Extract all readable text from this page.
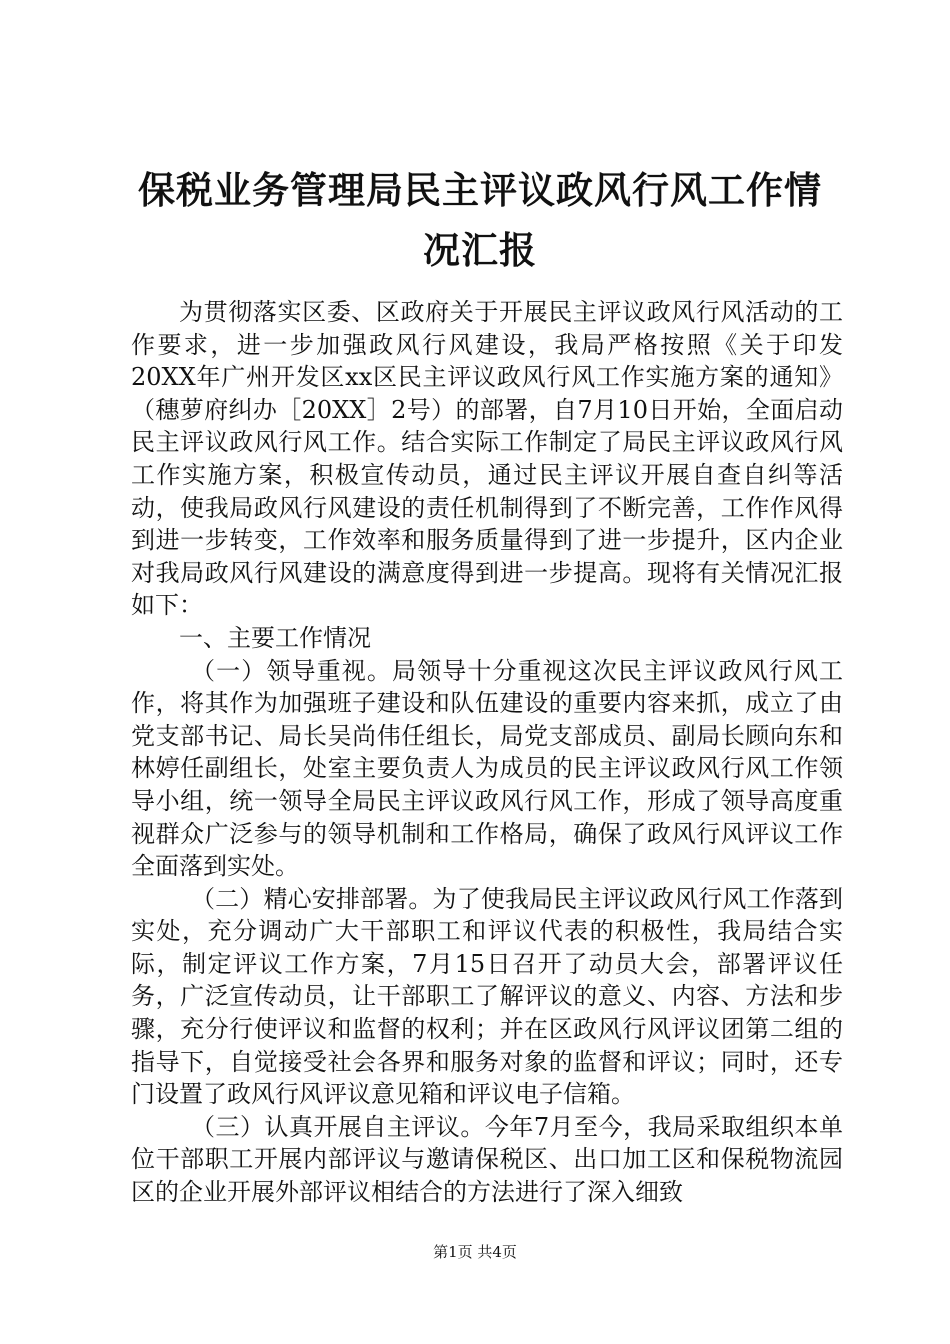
保税业务管理局民主评议政风行风工作情况汇报

为贯彻落实区委、区政府关于开展民主评议政风行风活动的工作要求，进一步加强政风行风建设，我局严格按照《关于印发20XX年广州开发区xx区民主评议政风行风工作实施方案的通知》（穗萝府纠办［20XX］2号）的部署，自7月10日开始，全面启动民主评议政风行风工作。结合实际工作制定了局民主评议政风行风工作实施方案，积极宣传动员，通过民主评议开展自查自纠等活动，使我局政风行风建设的责任机制得到了不断完善，工作作风得到进一步转变，工作效率和服务质量得到了进一步提升，区内企业对我局政风行风建设的满意度得到进一步提高。现将有关情况汇报如下：

一、主要工作情况

（一）领导重视。局领导十分重视这次民主评议政风行风工作，将其作为加强班子建设和队伍建设的重要内容来抓，成立了由党支部书记、局长吴尚伟任组长，局党支部成员、副局长顾向东和林婷任副组长，处室主要负责人为成员的民主评议政风行风工作领导小组，统一领导全局民主评议政风行风工作，形成了领导高度重视群众广泛参与的领导机制和工作格局，确保了政风行风评议工作全面落到实处。

（二）精心安排部署。为了使我局民主评议政风行风工作落到实处，充分调动广大干部职工和评议代表的积极性，我局结合实际，制定评议工作方案，7月15日召开了动员大会，部署评议任务，广泛宣传动员，让干部职工了解评议的意义、内容、方法和步骤，充分行使评议和监督的权利；并在区政风行风评议团第二组的指导下，自觉接受社会各界和服务对象的监督和评议；同时，还专门设置了政风行风评议意见箱和评议电子信箱。

（三）认真开展自主评议。今年7月至今，我局采取组织本单位干部职工开展内部评议与邀请保税区、出口加工区和保税物流园区的企业开展外部评议相结合的方法进行了深入细致

第1页 共4页
